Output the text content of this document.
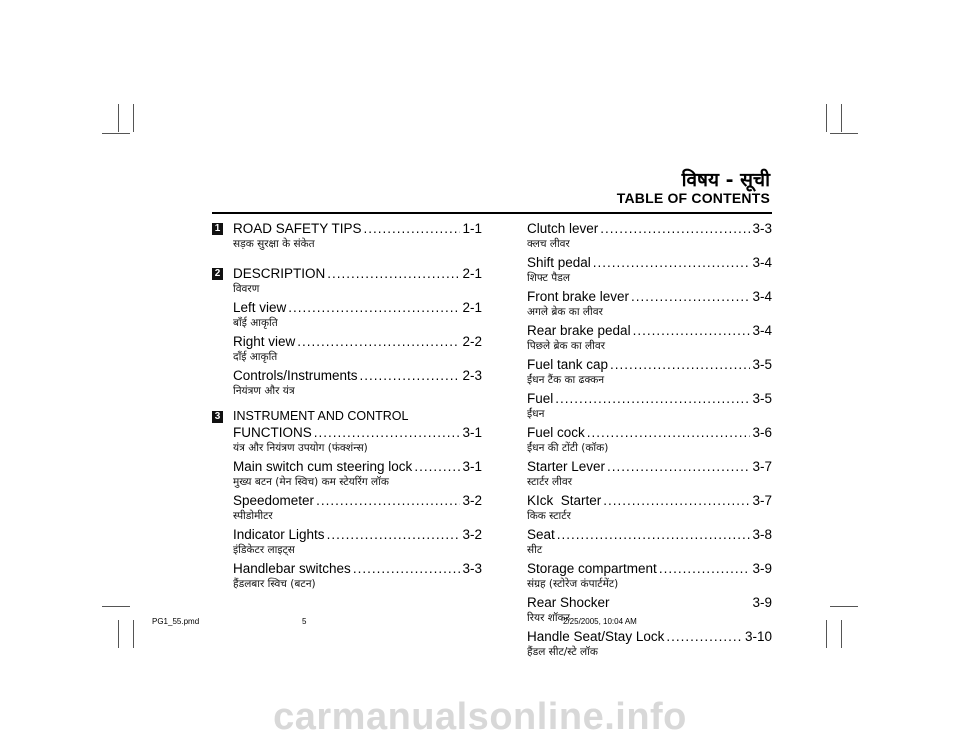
विषय - सूची
TABLE OF CONTENTS
1 ROAD SAFETY TIPS .....	1-1
सड़क सुरक्षा के संकेत
2 DESCRIPTION .....	2-1
विवरण
Left view .....	2-1
बाँई आकृति
Right view .....	2-2
दाँई आकृति
Controls/Instruments .....	2-3
नियंत्रण और यंत्र
3 INSTRUMENT AND CONTROL
FUNCTIONS .....	3-1
यंत्र और नियंत्रण उपयोग (फंक्शंन्स)
Main switch cum steering lock .....	3-1
मुख्य बटन (मेन स्विच) कम स्टेयरिंग लॉक
Speedometer .....	3-2
स्पीडोमीटर
Indicator Lights .....	3-2
इंडिकेटर लाइट्स
Handlebar switches .....	3-3
हैंडलबार स्विच (बटन)
Clutch lever .....	3-3
क्लच लीवर
Shift pedal .....	3-4
शिफ्ट पैडल
Front brake lever .....	3-4
अगले ब्रेक का लीवर
Rear brake pedal .....	3-4
पिछले ब्रेक का लीवर
Fuel tank cap .....	3-5
ईंधन टैंक का ढक्कन
Fuel .....	3-5
ईंधन
Fuel cock .....	3-6
ईंधन की टोंटी (कॉक)
Starter Lever .....	3-7
स्टार्टर लीवर
KIck  Starter .....	3-7
किक स्टार्टर
Seat .....	3-8
सीट
Storage compartment .....	3-9
संग्रह (स्टोरेज कंपार्टमेंट)
Rear Shocker	3-9
रियर शॉकर
Handle Seat/Stay Lock .....	3-10
हैंडल सीट/स्टे लॉक
PG1_55.pmd	5	2/25/2005, 10:04 AM
carmanualsonline.info
